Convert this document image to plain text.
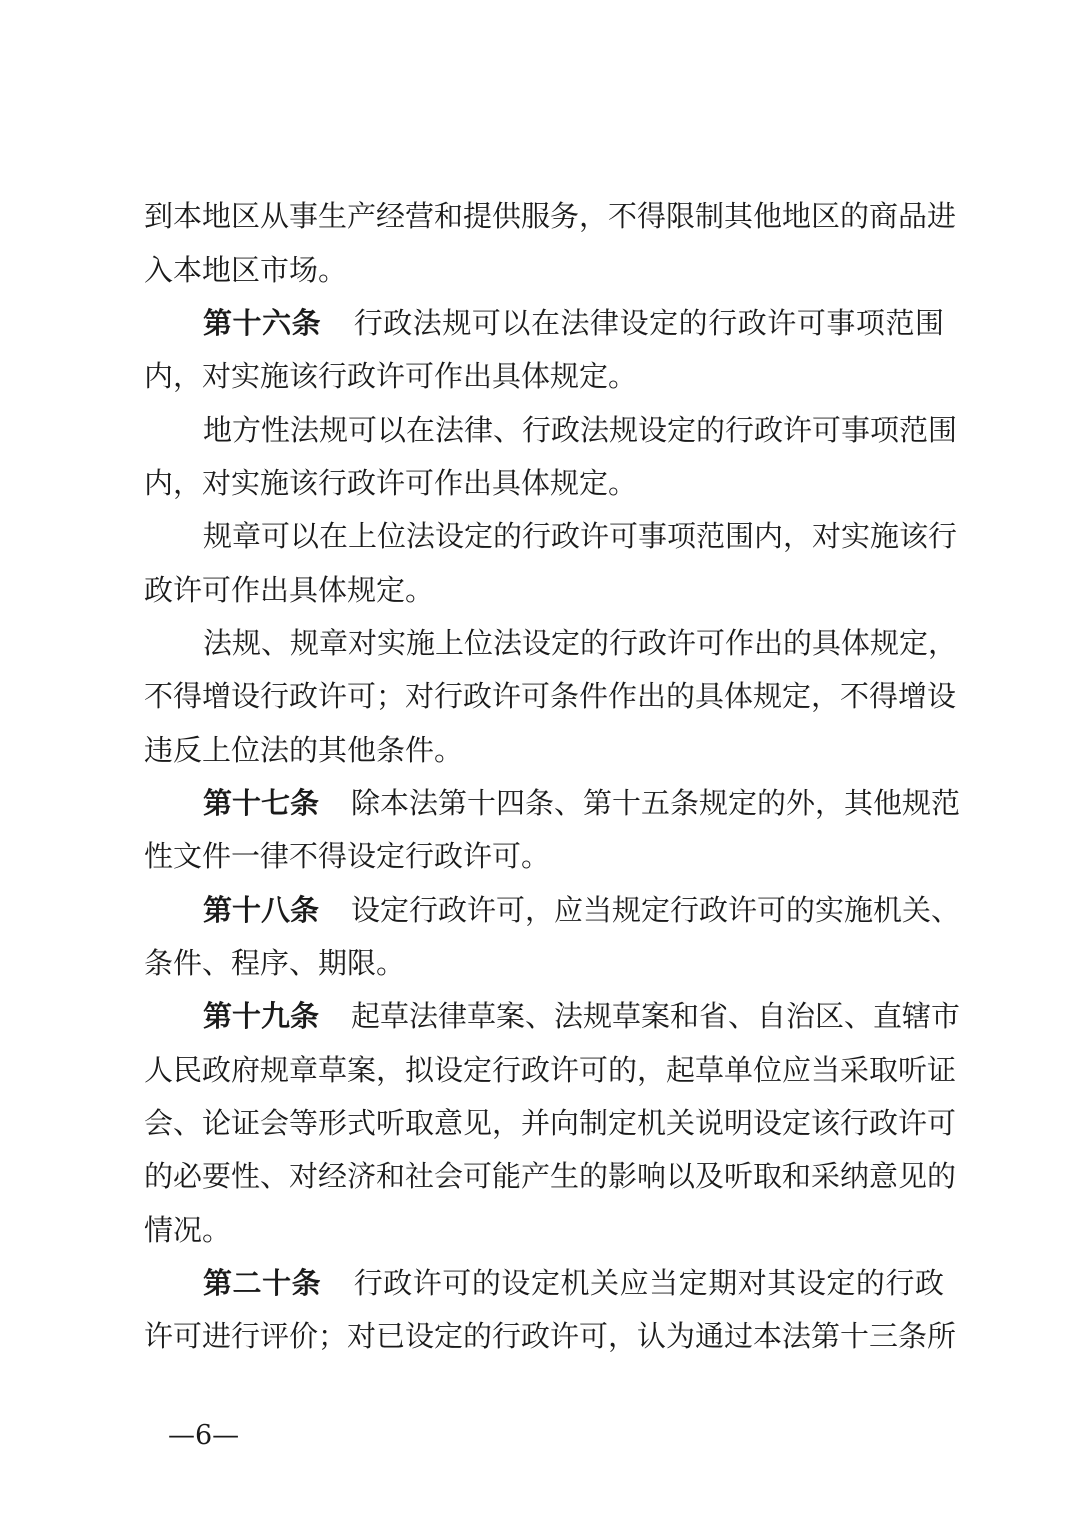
到本地区从事生产经营和提供服务，不得限制其他地区的商品进
入本地区市场。
第十六条 行政法规可以在法律设定的行政许可事项范围
内，对实施该行政许可作出具体规定。
地方性法规可以在法律、行政法规设定的行政许可事项范围
内，对实施该行政许可作出具体规定。
规章可以在上位法设定的行政许可事项范围内，对实施该行
政许可作出具体规定。
法规、规章对实施上位法设定的行政许可作出的具体规定，
不得增设行政许可；对行政许可条件作出的具体规定，不得增设
违反上位法的其他条件。
第十七条 除本法第十四条、第十五条规定的外，其他规范
性文件一律不得设定行政许可。
第十八条 设定行政许可，应当规定行政许可的实施机关、
条件、程序、期限。
第十九条 起草法律草案、法规草案和省、自治区、直辖市
人民政府规章草案，拟设定行政许可的，起草单位应当采取听证
会、论证会等形式听取意见，并向制定机关说明设定该行政许可
的必要性、对经济和社会可能产生的影响以及听取和采纳意见的
情况。
第二十条 行政许可的设定机关应当定期对其设定的行政
许可进行评价；对已设定的行政许可，认为通过本法第十三条所
—6—
